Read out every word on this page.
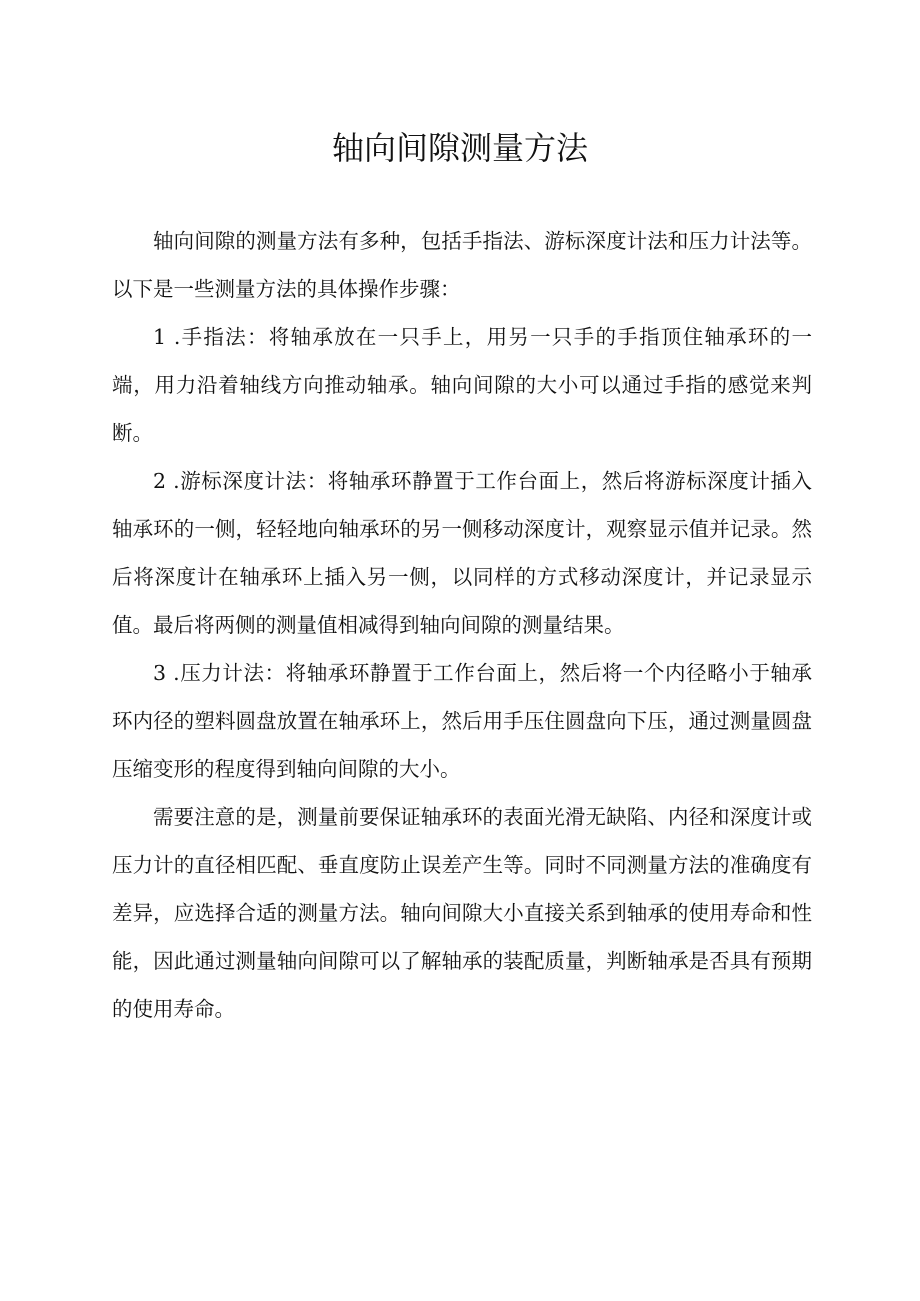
轴向间隙测量方法

轴向间隙的测量方法有多种，包括手指法、游标深度计法和压力计法等。以下是一些测量方法的具体操作步骤：

1 .手指法：将轴承放在一只手上，用另一只手的手指顶住轴承环的一端，用力沿着轴线方向推动轴承。轴向间隙的大小可以通过手指的感觉来判断。

2 .游标深度计法：将轴承环静置于工作台面上，然后将游标深度计插入轴承环的一侧，轻轻地向轴承环的另一侧移动深度计，观察显示值并记录。然后将深度计在轴承环上插入另一侧，以同样的方式移动深度计，并记录显示值。最后将两侧的测量值相减得到轴向间隙的测量结果。

3 .压力计法：将轴承环静置于工作台面上，然后将一个内径略小于轴承环内径的塑料圆盘放置在轴承环上，然后用手压住圆盘向下压，通过测量圆盘压缩变形的程度得到轴向间隙的大小。

需要注意的是，测量前要保证轴承环的表面光滑无缺陷、内径和深度计或压力计的直径相匹配、垂直度防止误差产生等。同时不同测量方法的准确度有差异，应选择合适的测量方法。轴向间隙大小直接关系到轴承的使用寿命和性能，因此通过测量轴向间隙可以了解轴承的装配质量，判断轴承是否具有预期的使用寿命。
